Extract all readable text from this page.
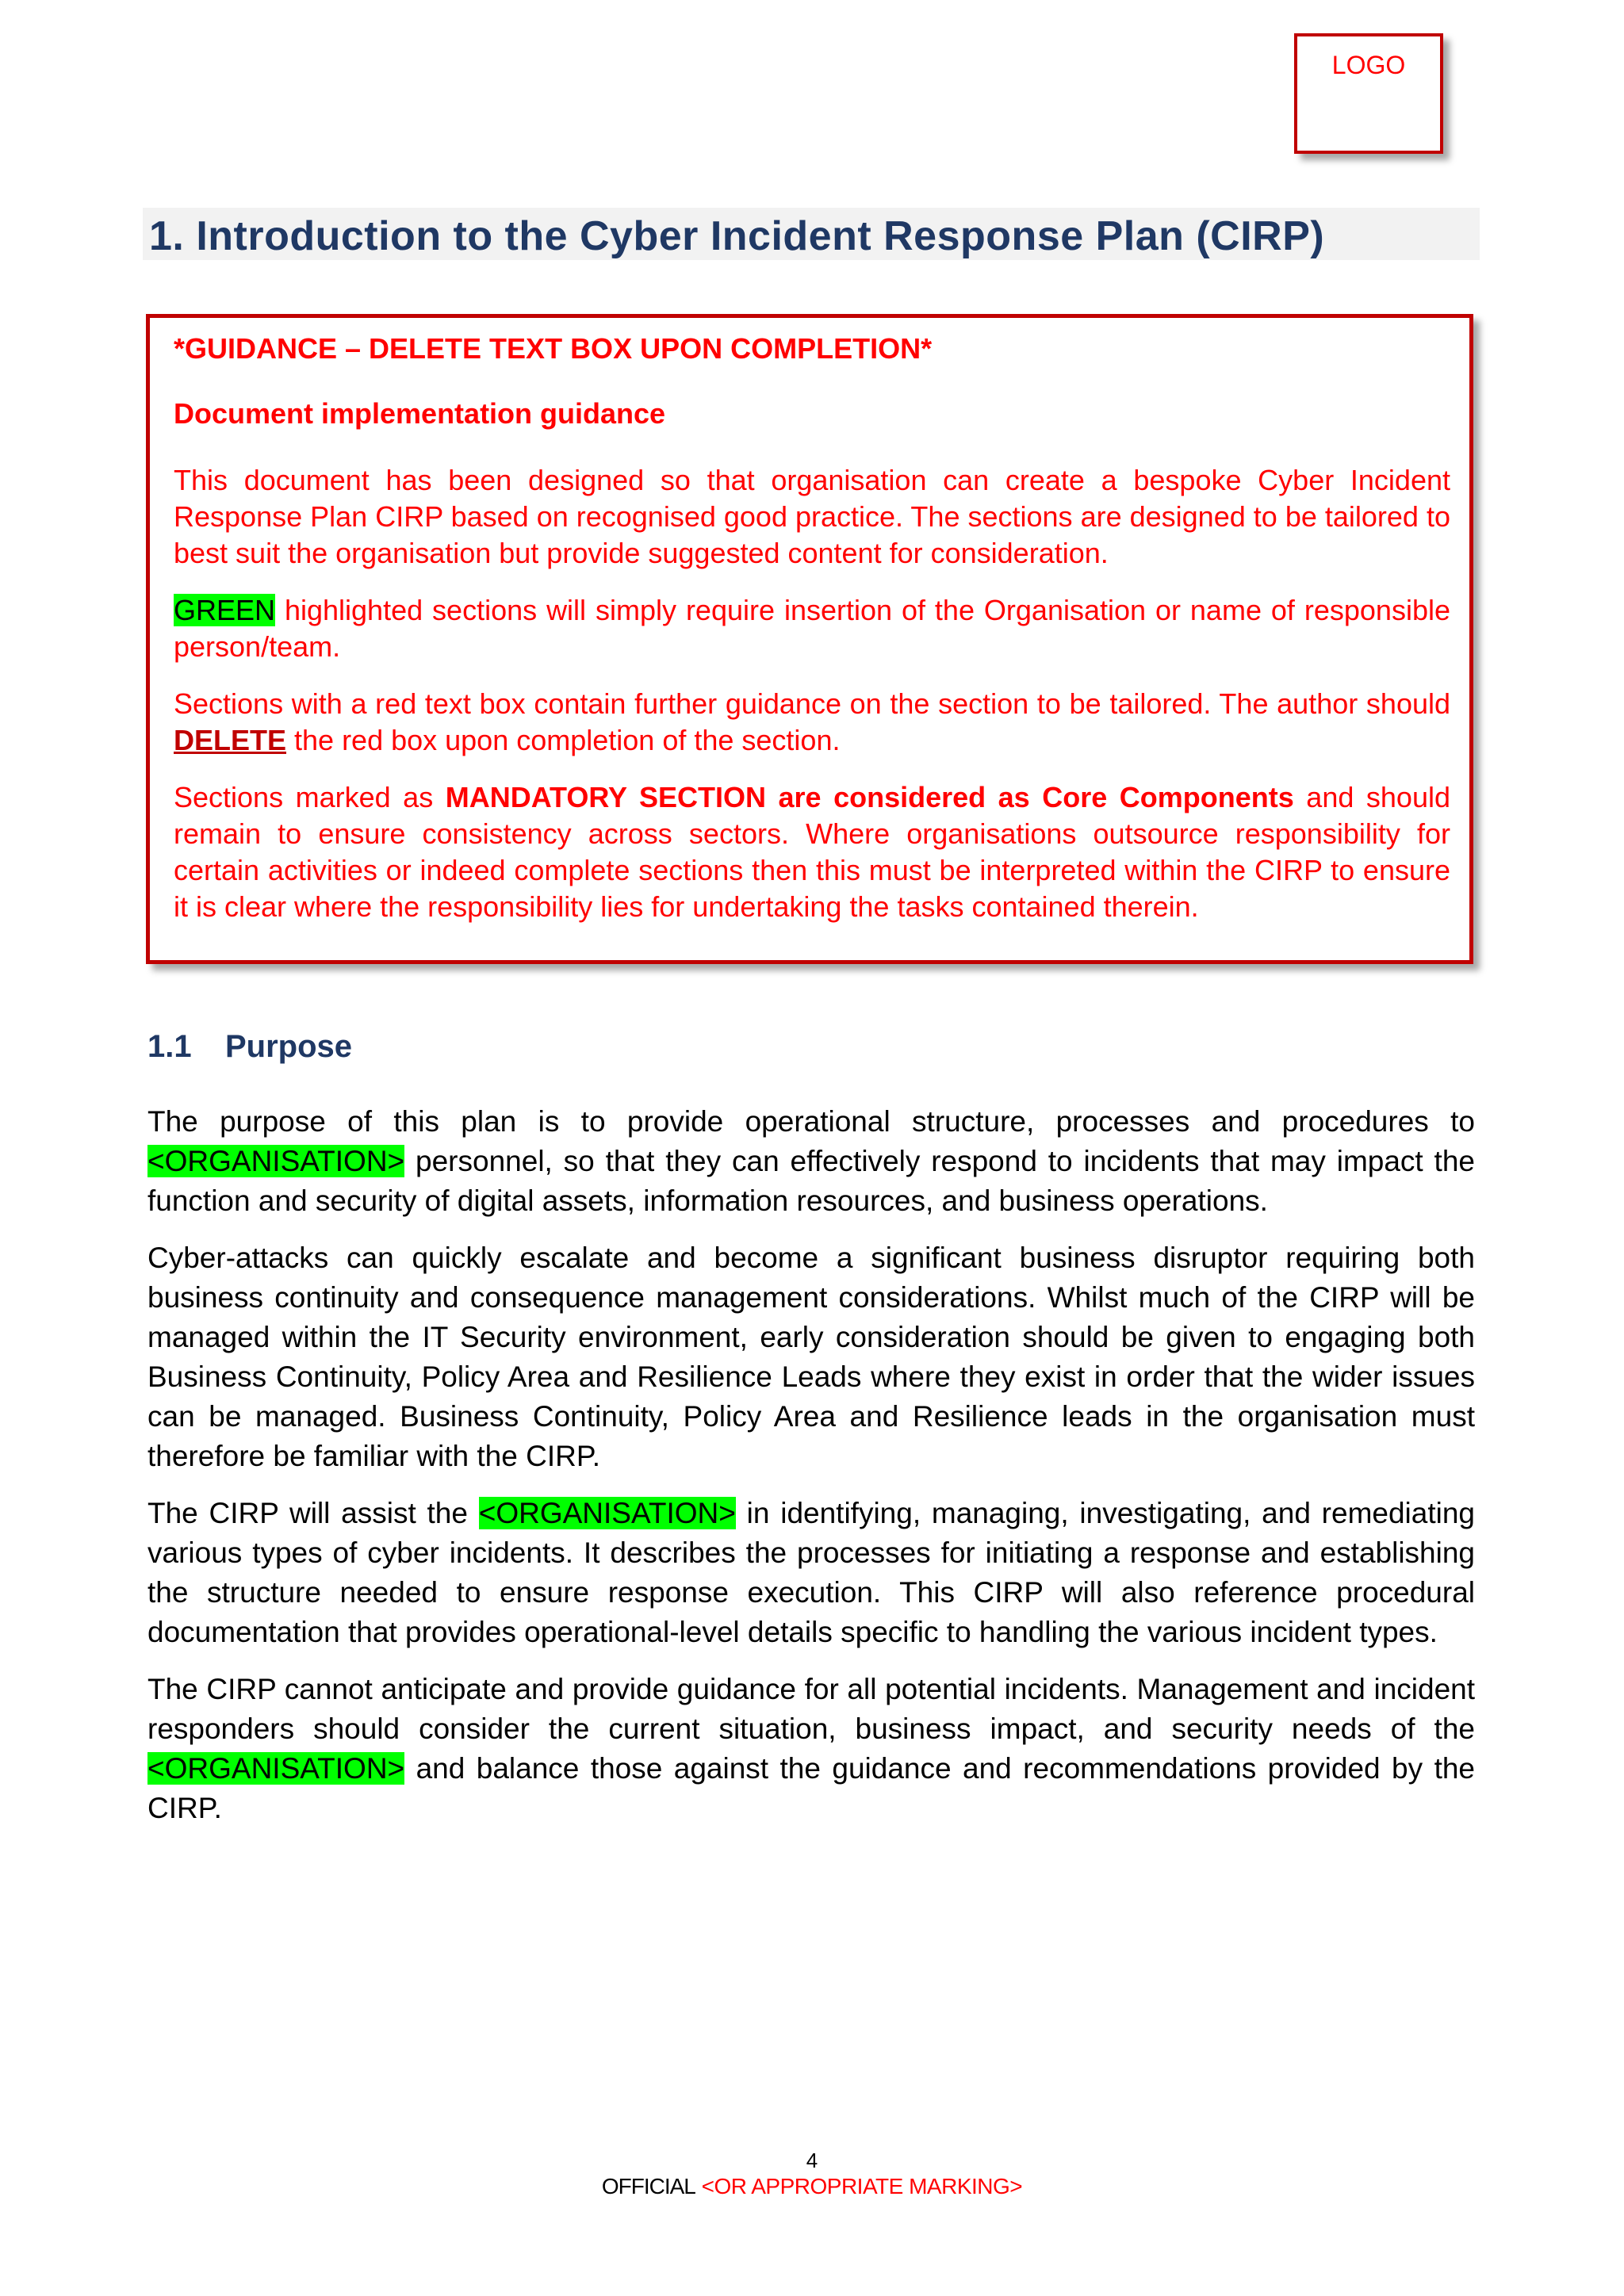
LOGO
1. Introduction to the Cyber Incident Response Plan (CIRP)

*GUIDANCE – DELETE TEXT BOX UPON COMPLETION*

Document implementation guidance

This document has been designed so that organisation can create a bespoke Cyber Incident Response Plan CIRP based on recognised good practice. The sections are designed to be tailored to best suit the organisation but provide suggested content for consideration.

GREEN highlighted sections will simply require insertion of the Organisation or name of responsible person/team.

Sections with a red text box contain further guidance on the section to be tailored. The author should DELETE the red box upon completion of the section.

Sections marked as MANDATORY SECTION are considered as Core Components and should remain to ensure consistency across sectors. Where organisations outsource responsibility for certain activities or indeed complete sections then this must be interpreted within the CIRP to ensure it is clear where the responsibility lies for undertaking the tasks contained therein.

1.1 Purpose

The purpose of this plan is to provide operational structure, processes and procedures to <ORGANISATION> personnel, so that they can effectively respond to incidents that may impact the function and security of digital assets, information resources, and business operations.

Cyber-attacks can quickly escalate and become a significant business disruptor requiring both business continuity and consequence management considerations. Whilst much of the CIRP will be managed within the IT Security environment, early consideration should be given to engaging both Business Continuity, Policy Area and Resilience Leads where they exist in order that the wider issues can be managed. Business Continuity, Policy Area and Resilience leads in the organisation must therefore be familiar with the CIRP.

The CIRP will assist the <ORGANISATION> in identifying, managing, investigating, and remediating various types of cyber incidents. It describes the processes for initiating a response and establishing the structure needed to ensure response execution. This CIRP will also reference procedural documentation that provides operational-level details specific to handling the various incident types.

The CIRP cannot anticipate and provide guidance for all potential incidents. Management and incident responders should consider the current situation, business impact, and security needs of the <ORGANISATION> and balance those against the guidance and recommendations provided by the CIRP.

4
OFFICIAL <OR APPROPRIATE MARKING>
